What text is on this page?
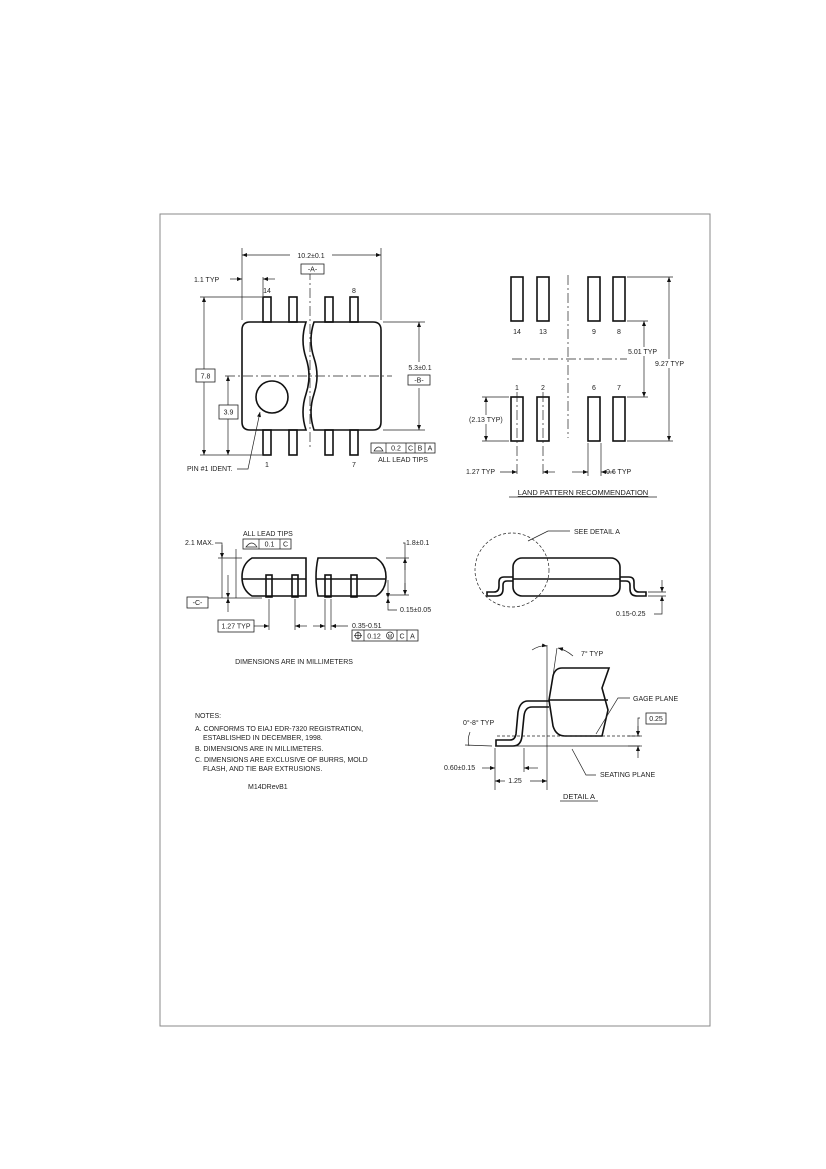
10.2±0.1
-A-
1.1 TYP
14	8
1	7
7.8
3.9
5.3±0.1
-B-
0.2 C B A
ALL LEAD TIPS
PIN #1 IDENT.
14	13	9	8
1	2	6	7
5.01 TYP
9.27 TYP
(2.13 TYP)
1.27 TYP	0.6 TYP
LAND PATTERN RECOMMENDATION
2.1 MAX.
ALL LEAD TIPS
0.1 C
-C-
1.8±0.1
0.15±0.05
1.27 TYP	0.35-0.51
0.12 M C A
DIMENSIONS ARE IN MILLIMETERS
SEE DETAIL A
0.15-0.25
7° TYP
GAGE PLANE
0.25
0°-8° TYP
0.60±0.15
1.25
SEATING PLANE
DETAIL A
NOTES:
A. CONFORMS TO EIAJ EDR-7320 REGISTRATION,
ESTABLISHED IN DECEMBER, 1998.
B. DIMENSIONS ARE IN MILLIMETERS.
C. DIMENSIONS ARE EXCLUSIVE OF BURRS, MOLD
FLASH, AND TIE BAR EXTRUSIONS.
M14DRevB1
